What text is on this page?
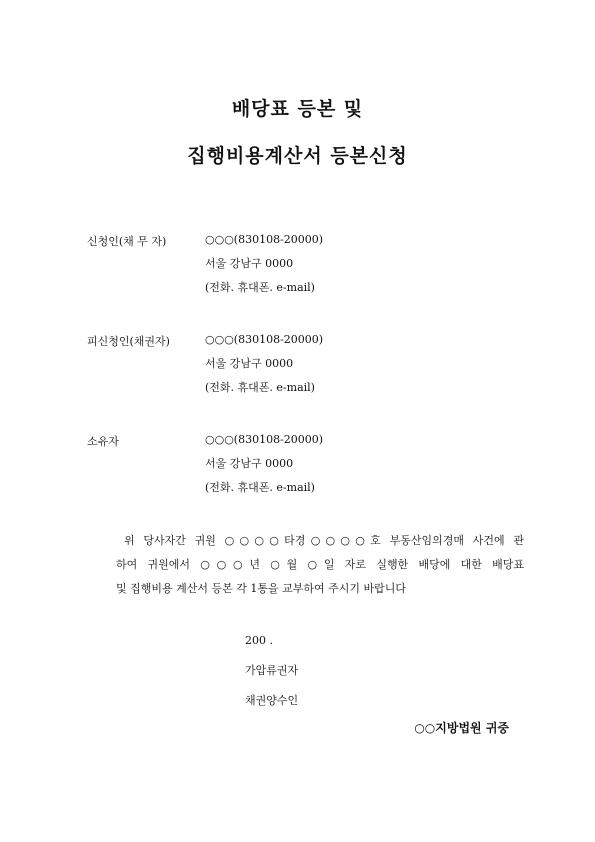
배당표 등본 및
집행비용계산서 등본신청
신청인(채 무 자)	○○○(830108-20000)
서울 강남구 0000
(전화. 휴대폰. e-mail)
피신청인(채권자)	○○○(830108-20000)
서울 강남구 0000
(전화. 휴대폰. e-mail)
소유자	○○○(830108-20000)
서울 강남구 0000
(전화. 휴대폰. e-mail)
위 당사자간 귀원 ○○○○타경○○○○호 부동산임의경매 사건에 관
하여 귀원에서 ○○○년 ○월 ○일 자로 실행한 배당에 대한 배당표
및 집행비용 계산서 등본 각 1통을 교부하여 주시기 바랍니다
200 .
가압류권자
채권양수인
○○지방법원 귀중
